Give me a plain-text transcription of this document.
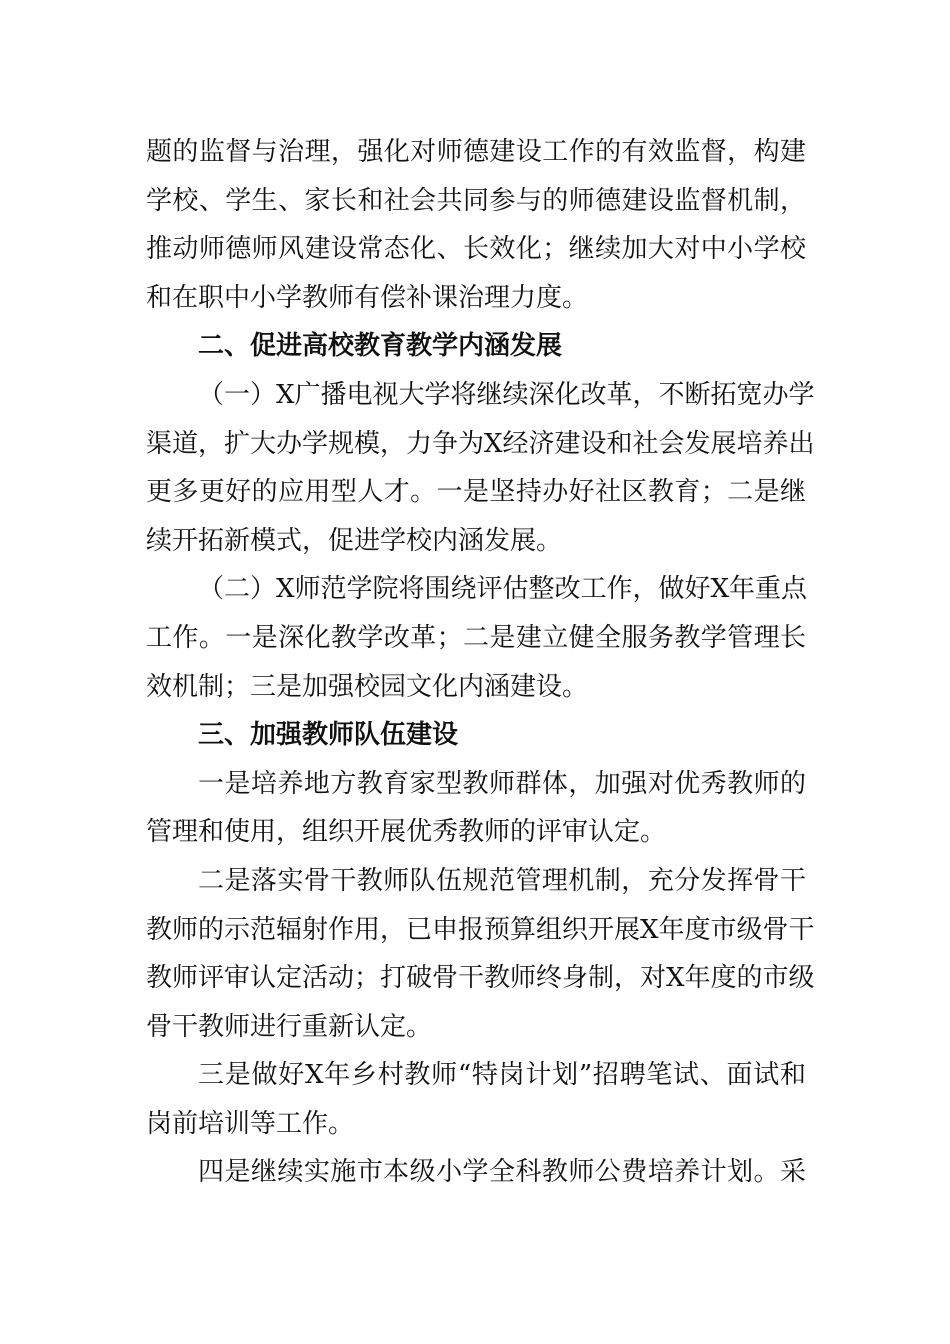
题的监督与治理，强化对师德建设工作的有效监督，构建
学校、学生、家长和社会共同参与的师德建设监督机制，
推动师德师风建设常态化、长效化；继续加大对中小学校
和在职中小学教师有偿补课治理力度。
二、促进高校教育教学内涵发展
（一）X广播电视大学将继续深化改革，不断拓宽办学
渠道，扩大办学规模，力争为X经济建设和社会发展培养出
更多更好的应用型人才。一是坚持办好社区教育；二是继
续开拓新模式，促进学校内涵发展。
（二）X师范学院将围绕评估整改工作，做好X年重点
工作。一是深化教学改革；二是建立健全服务教学管理长
效机制；三是加强校园文化内涵建设。
三、加强教师队伍建设
一是培养地方教育家型教师群体，加强对优秀教师的
管理和使用，组织开展优秀教师的评审认定。
二是落实骨干教师队伍规范管理机制，充分发挥骨干
教师的示范辐射作用，已申报预算组织开展X年度市级骨干
教师评审认定活动；打破骨干教师终身制，对X年度的市级
骨干教师进行重新认定。
三是做好X年乡村教师“特岗计划”招聘笔试、面试和
岗前培训等工作。
四是继续实施市本级小学全科教师公费培养计划。采
